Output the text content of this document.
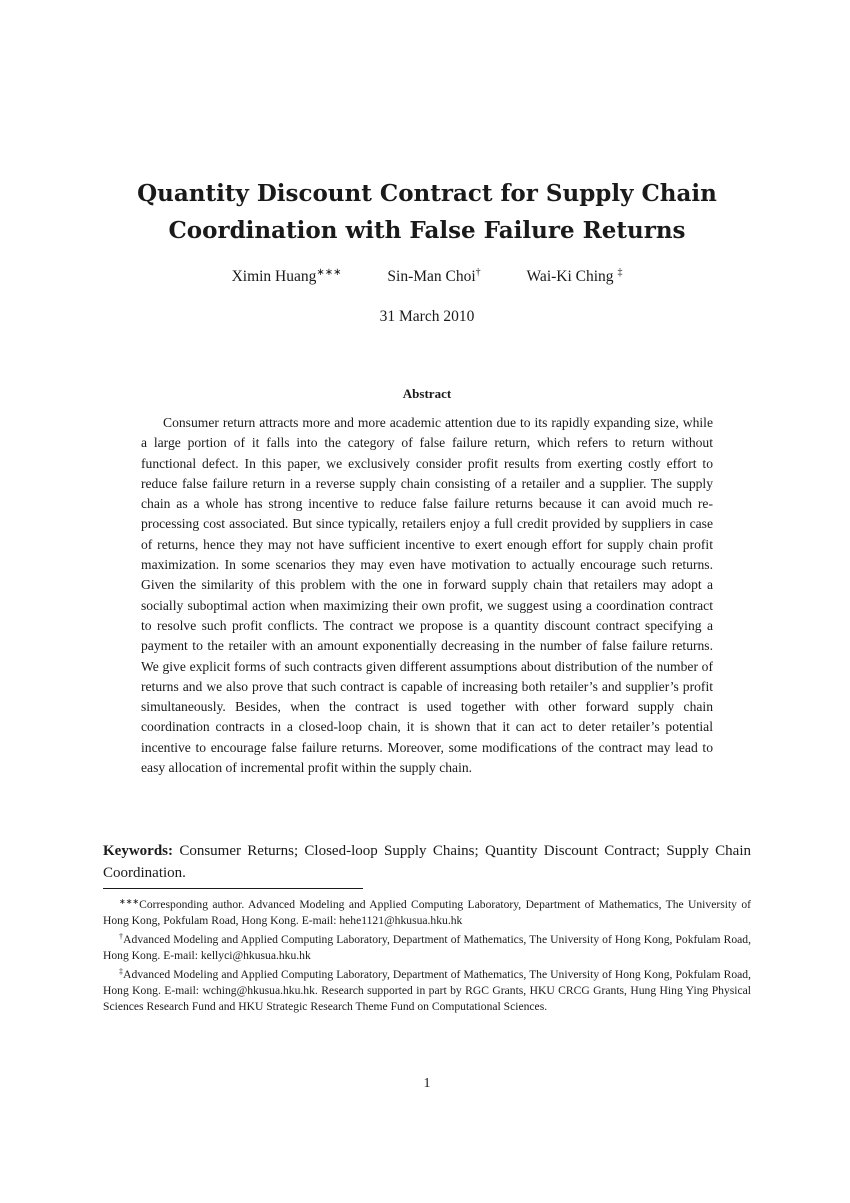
Quantity Discount Contract for Supply Chain
Coordination with False Failure Returns
Ximin Huang∗∗∗	Sin-Man Choi†	Wai-Ki Ching ‡
31 March 2010
Abstract

Consumer return attracts more and more academic attention due to its rapidly expanding size, while a large portion of it falls into the category of false failure return, which refers to return without functional defect. In this paper, we exclusively consider profit results from exerting costly effort to reduce false failure return in a reverse supply chain consisting of a retailer and a supplier. The supply chain as a whole has strong incentive to reduce false failure returns because it can avoid much re-processing cost associated. But since typically, retailers enjoy a full credit provided by suppliers in case of returns, hence they may not have sufficient incentive to exert enough effort for supply chain profit maximization. In some scenarios they may even have motivation to actually encourage such returns. Given the similarity of this problem with the one in forward supply chain that retailers may adopt a socially suboptimal action when maximizing their own profit, we suggest using a coordination contract to resolve such profit conflicts. The contract we propose is a quantity discount contract specifying a payment to the retailer with an amount exponentially decreasing in the number of false failure returns. We give explicit forms of such contracts given different assumptions about distribution of the number of returns and we also prove that such contract is capable of increasing both retailer’s and supplier’s profit simultaneously. Besides, when the contract is used together with other forward supply chain coordination contracts in a closed-loop chain, it is shown that it can act to deter retailer’s potential incentive to encourage false failure returns. Moreover, some modifications of the contract may lead to easy allocation of incremental profit within the supply chain.

Keywords: Consumer Returns; Closed-loop Supply Chains; Quantity Discount Contract; Supply Chain Coordination.

∗∗∗Corresponding author. Advanced Modeling and Applied Computing Laboratory, Department of Mathematics, The University of Hong Kong, Pokfulam Road, Hong Kong. E-mail: hehe1121@hkusua.hku.hk

†Advanced Modeling and Applied Computing Laboratory, Department of Mathematics, The University of Hong Kong, Pokfulam Road, Hong Kong. E-mail: kellyci@hkusua.hku.hk

‡Advanced Modeling and Applied Computing Laboratory, Department of Mathematics, The University of Hong Kong, Pokfulam Road, Hong Kong. E-mail: wching@hkusua.hku.hk. Research supported in part by RGC Grants, HKU CRCG Grants, Hung Hing Ying Physical Sciences Research Fund and HKU Strategic Research Theme Fund on Computational Sciences.

1
